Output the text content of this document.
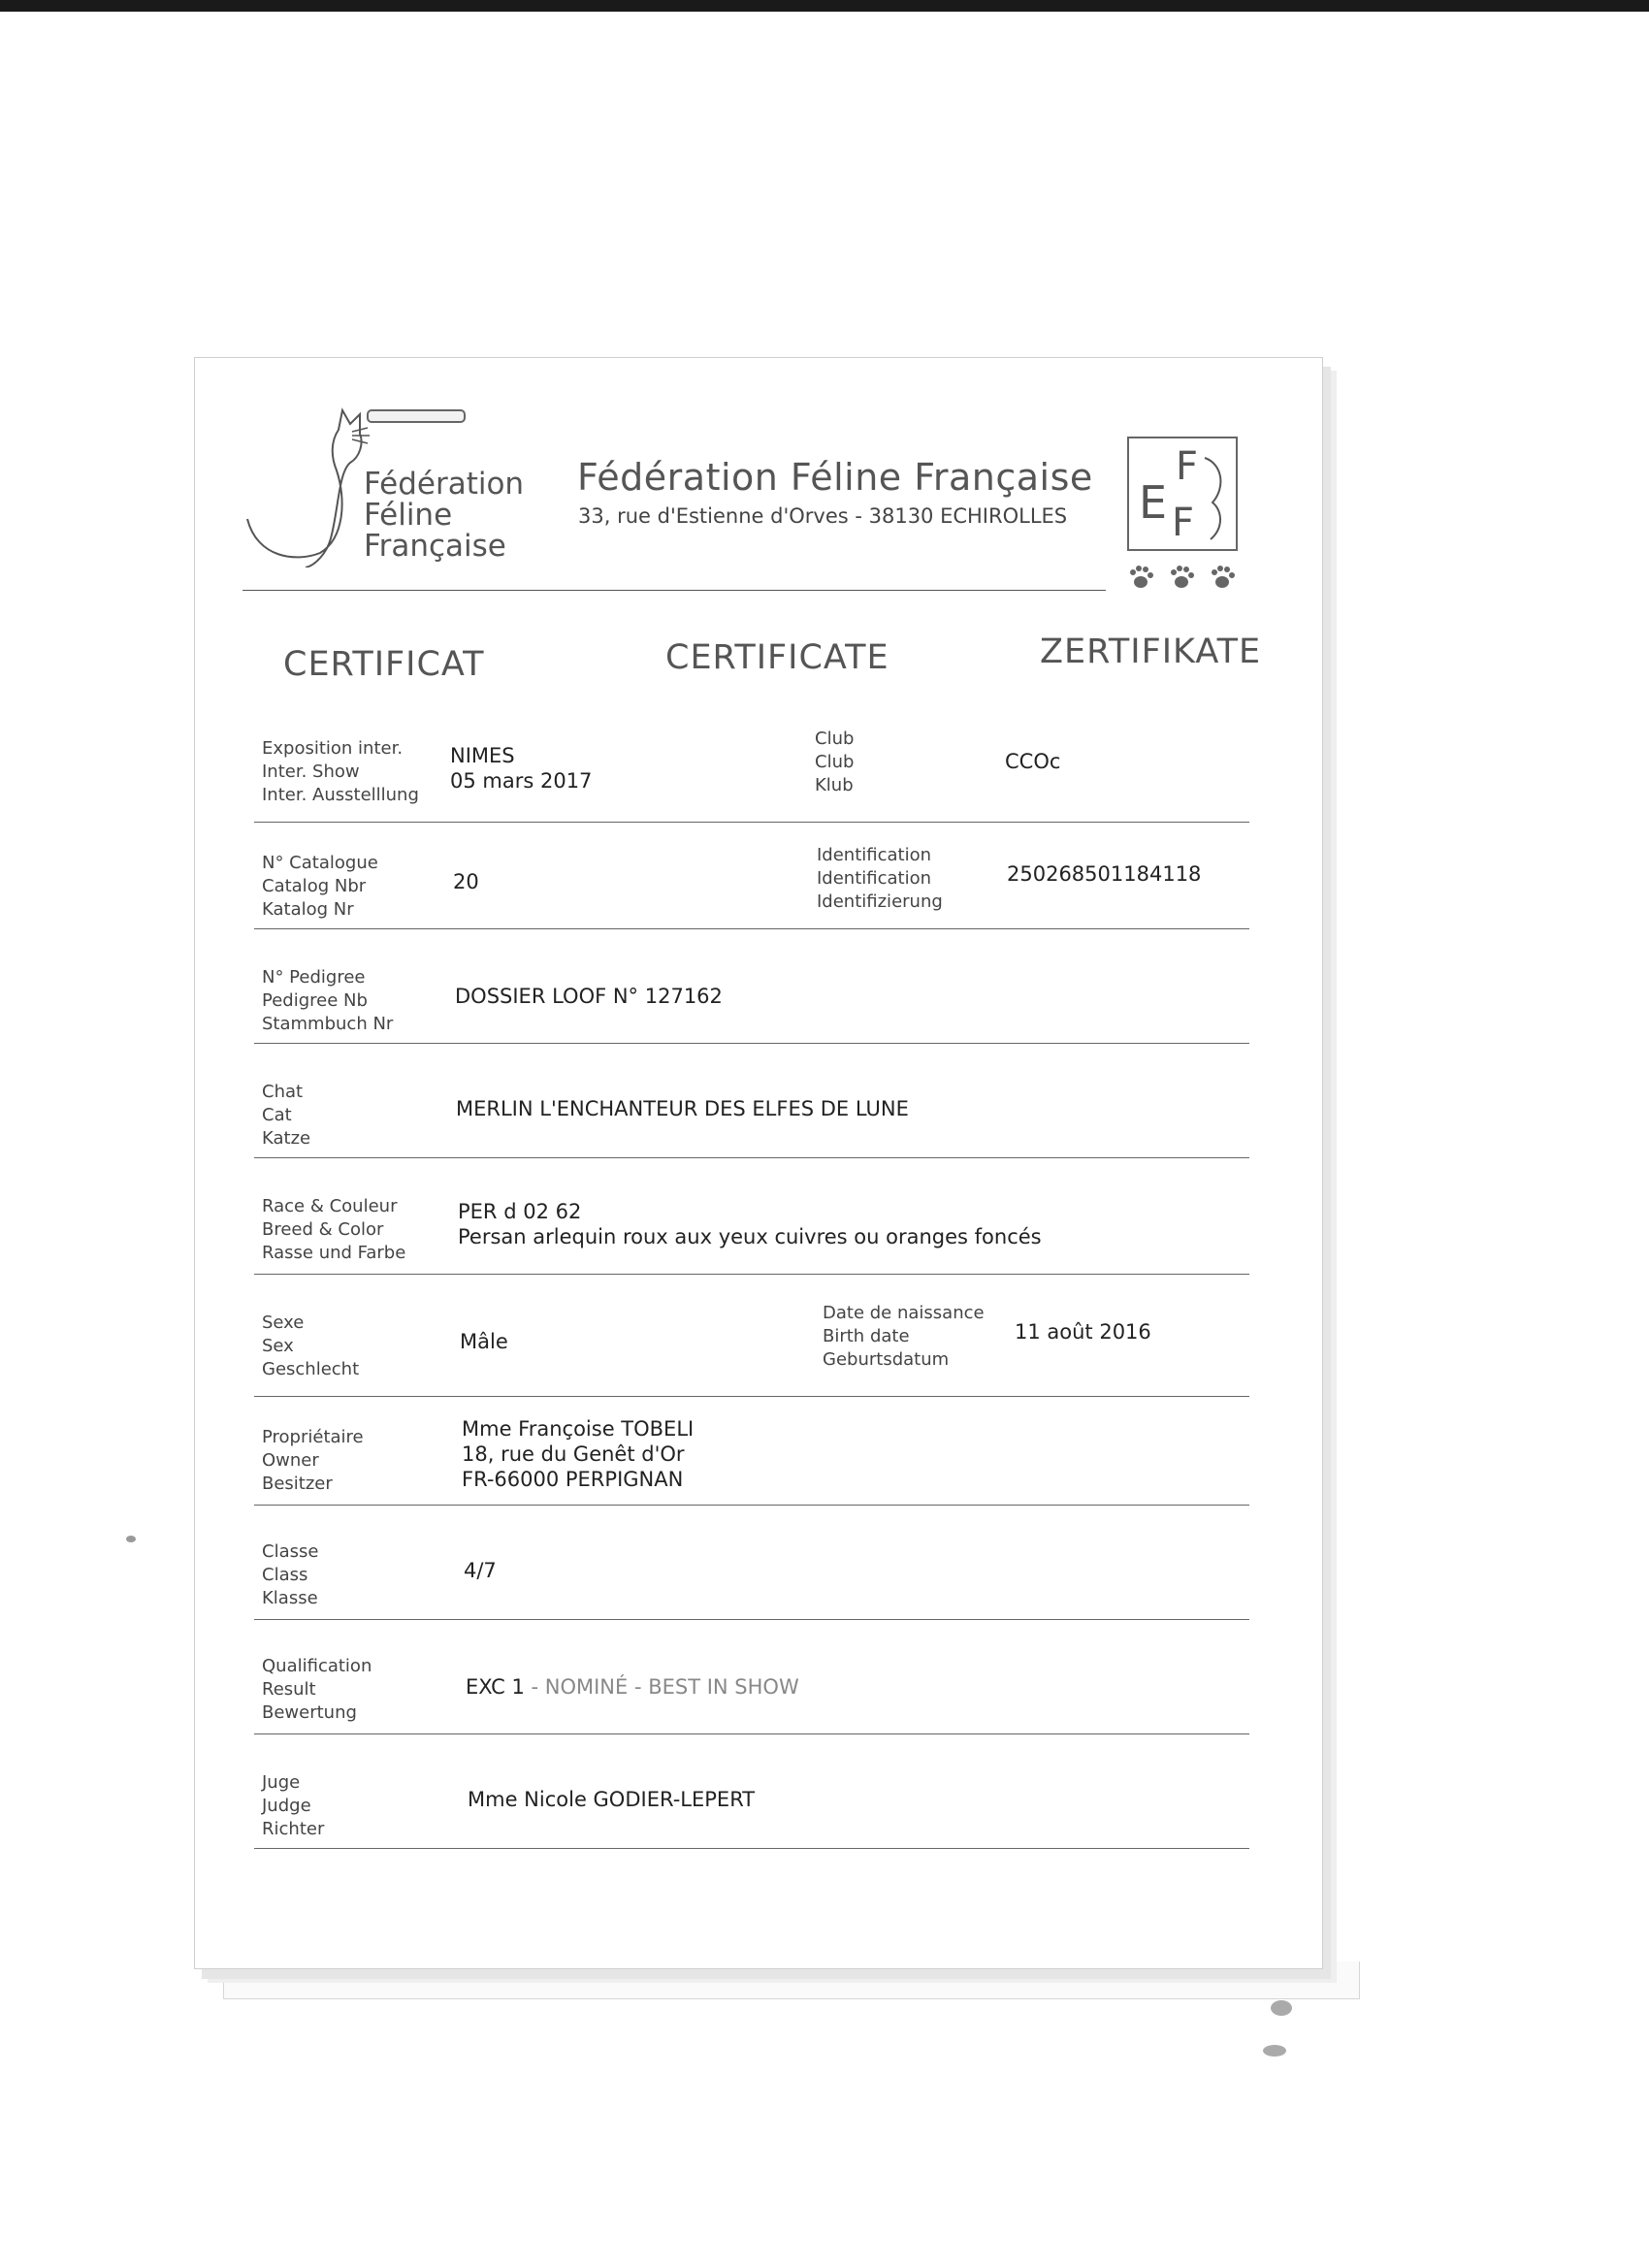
Fédération
Féline
Française
Fédération Féline Française
33, rue d'Estienne d'Orves - 38130 ECHIROLLES
F
E F
CERTIFICAT	CERTIFICATE	ZERTIFIKATE
Exposition inter.
Inter. Show
Inter. Ausstelllung
NIMES
05 mars 2017
Club
Club
Klub
CCOc
N° Catalogue
Catalog Nbr
Katalog Nr
20
Identification
Identification
Identifizierung
250268501184118
N° Pedigree
Pedigree Nb
Stammbuch Nr
DOSSIER LOOF N° 127162
Chat
Cat
Katze
MERLIN L'ENCHANTEUR DES ELFES DE LUNE
Race & Couleur
Breed & Color
Rasse und Farbe
PER d 02 62
Persan arlequin roux aux yeux cuivres ou oranges foncés
Sexe
Sex
Geschlecht
Mâle
Date de naissance
Birth date
Geburtsdatum
11 août 2016
Propriétaire
Owner
Besitzer
Mme Françoise TOBELI
18, rue du Genêt d'Or
FR-66000 PERPIGNAN
Classe
Class
Klasse
4/7
Qualification
Result
Bewertung
EXC 1 - NOMINÉ - BEST IN SHOW
Juge
Judge
Richter
Mme Nicole GODIER-LEPERT
